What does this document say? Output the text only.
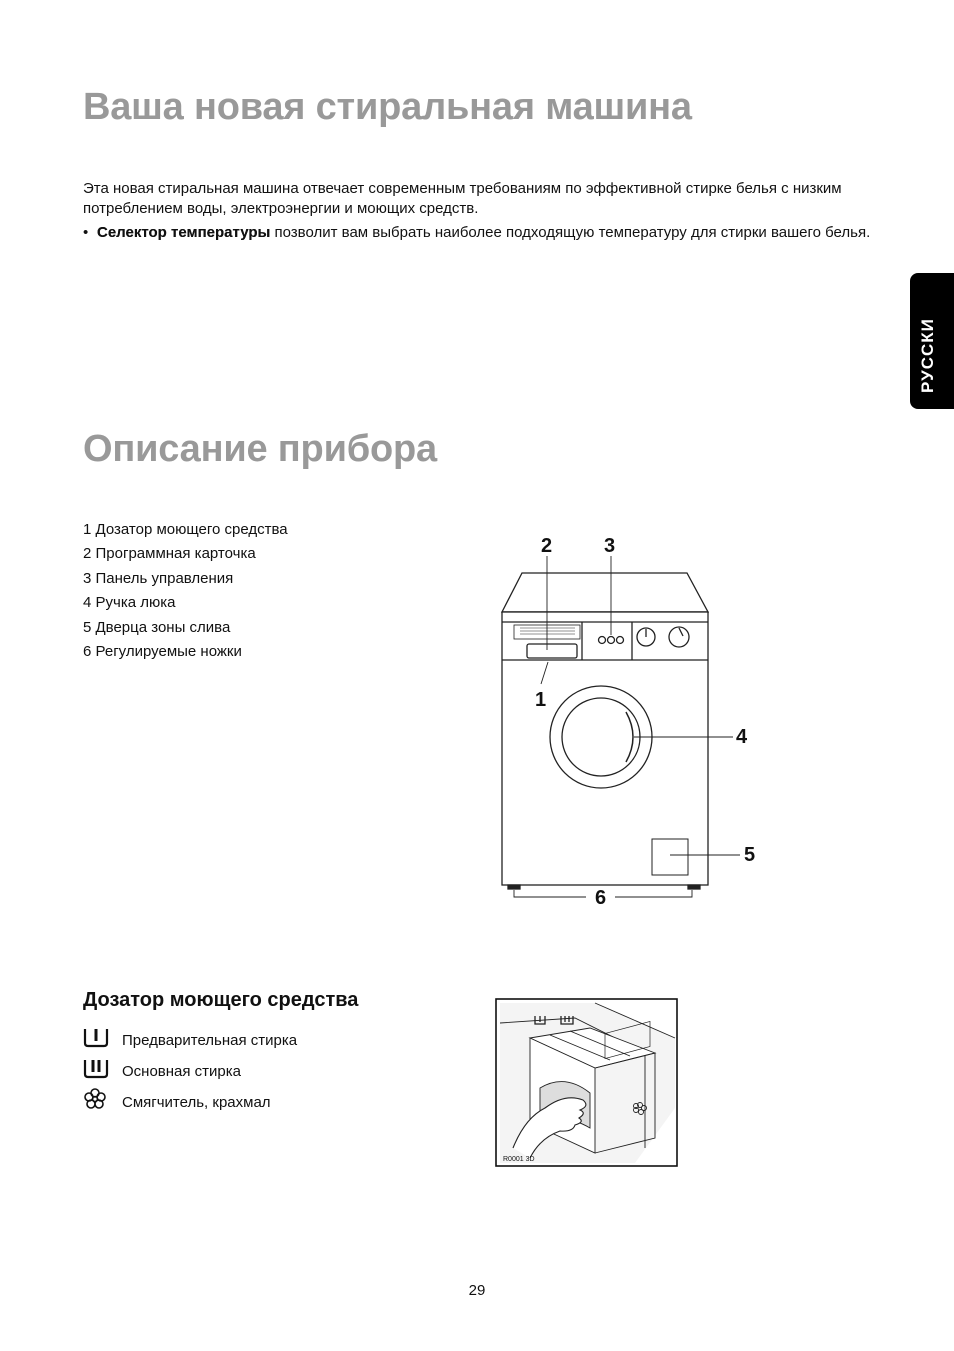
Ваша новая стиральная машина

Эта новая стиральная машина отвечает современным требованиям по эффективной стирке белья с низким потреблением воды, электроэнергии и моющих средств.

• Селектор температуры позволит вам выбрать наиболее подходящую температуру для стирки вашего белья.
РУССКИ
Описание прибора
1 Дозатор моющего средства
2 Программная карточка
3 Панель управления
4 Ручка люка
5 Дверца зоны слива
6 Регулируемые ножки
2	3
1
4
5
6
Дозатор моющего средства
Предварительная стирка
Основная стирка
Смягчитель, крахмал
R0001 3D

29
